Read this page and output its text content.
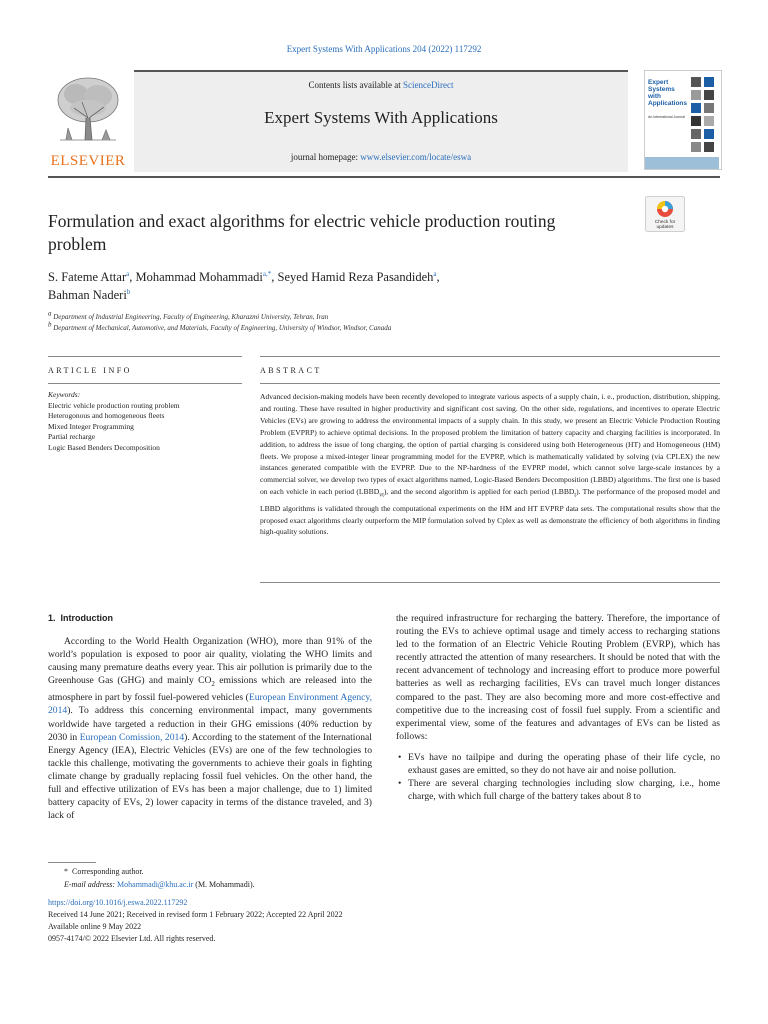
Expert Systems With Applications 204 (2022) 117292
ELSEVIER
Contents lists available at ScienceDirect
Expert Systems With Applications
journal homepage: www.elsevier.com/locate/eswa
Expert Systems with Applications
An International Journal
Formulation and exact algorithms for electric vehicle production routing problem
Check for
updates
S. Fateme Attar$^a$, Mohammad Mohammadi$^{a,*}$, Seyed Hamid Reza Pasandideh$^a$,
Bahman Naderi$^b$
$^a$ Department of Industrial Engineering, Faculty of Engineering, Kharazmi University, Tehran, Iran
$^b$ Department of Mechanical, Automotive, and Materials, Faculty of Engineering, University of Windsor, Windsor, Canada
ARTICLE INFO	ABSTRACT
Keywords:
Electric vehicle production routing problem
Heterogonous and homogeneous fleets
Mixed Integer Programming
Partial recharge
Logic Based Benders Decomposition
Advanced decision-making models have been recently developed to integrate various aspects of a supply chain, i. e., production, distribution, shipping, and routing. These have resulted in higher productivity and significant cost saving. On the other side, regulations, and incentives to operate Electric Vehicles (EVs) are growing to address the environmental impacts of a supply chain. In this study, we present an Electric Vehicle Production Routing Problem (EVPRP) to achieve optimal decisions. In the proposed problem the limitation of battery capacity and charging facilities is incorporated. In addition, to address the issue of long charging, the option of partial charging is considered using both Heterogeneous (HT) and Homogeneous (HM) fleets. We propose a mixed-integer linear programming model for the EVPRP, which is mathematically validated by solving (via CPLEX) the new instances generated compatible with the EVPRP. Due to the NP-hardness of the EVPRP model, which cannot solve large-scale instances by a commercial solver, we develop two types of exact algorithms named, Logic-Based Benders Decomposition (LBBD) algorithms. The first one is based on each vehicle in each period $(LBBD_{vt})$, and the second algorithm is applied for each period $(LBBD_t)$. The performance of the proposed model and LBBD algorithms is validated through the computational experiments on the HM and HT EVPRP data sets. The computational results show that the proposed exact algorithms clearly outperform the MIP formulation solved by Cplex as well as demonstrate the efficiency of both algorithms in finding high-quality solutions.
1. Introduction

According to the World Health Organization (WHO), more than 91% of the world’s population is exposed to poor air quality, violating the WHO limits and causing many premature deaths every year. This air pollution is primarily due to the Greenhouse Gas (GHG) and mainly $CO_2$ emissions which are released into the atmosphere in part by fossil fuel-powered vehicles (European Environment Agency, 2014). To address this concerning environmental impact, many governments worldwide have targeted a reduction in their GHG emissions (40% reduction by 2030 in European Comission, 2014). According to the statement of the International Energy Agency (IEA), Electric Vehicles (EVs) are one of the few technologies to tackle this challenge, motivating the governments to achieve their goals in fighting climate change by gradually replacing fossil fuel vehicles. On the other hand, the full and effective utilization of EVs has been a major challenge, due to 1) limited battery capacity of EVs, 2) lower capacity in terms of the distance traveled, and 3) lack of

the required infrastructure for recharging the battery. Therefore, the importance of routing the EVs to achieve optimal usage and timely access to recharging stations led to the formation of an Electric Vehicle Routing Problem (EVRP), which has recently attracted the attention of many researchers. It should be noted that with the recent advancement of technology and increasing effort to produce more powerful batteries as well as recharging facilities, EVs can travel much longer distances compared to the past. They are also becoming more and more cost-effective and competitive due to the increasing cost of fossil fuel supply. From a scientific and experimental view, some of the features and advantages of EVs can be listed as follows:

• EVs have no tailpipe and during the operating phase of their life cycle, no exhaust gases are emitted, so they do not have air and noise pollution.
• There are several charging technologies including slow charging, i.e., home charge, with which full charge of the battery takes about 8 to
* Corresponding author.
E-mail address: Mohammadi@khu.ac.ir (M. Mohammadi).
https://doi.org/10.1016/j.eswa.2022.117292
Received 14 June 2021; Received in revised form 1 February 2022; Accepted 22 April 2022
Available online 9 May 2022
0957-4174/© 2022 Elsevier Ltd. All rights reserved.
